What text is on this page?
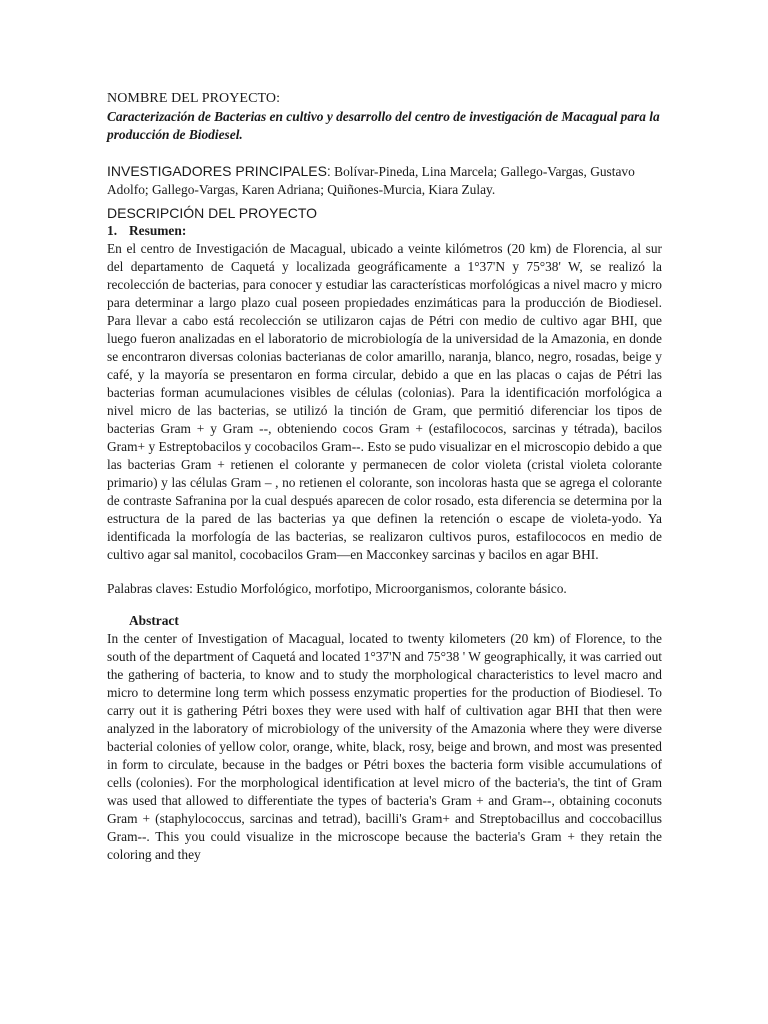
NOMBRE DEL PROYECTO:
Caracterización de Bacterias en cultivo y desarrollo del centro de investigación de Macagual para la producción de Biodiesel.
INVESTIGADORES PRINCIPALES: Bolívar-Pineda, Lina Marcela; Gallego-Vargas, Gustavo Adolfo; Gallego-Vargas, Karen Adriana; Quiñones-Murcia, Kiara Zulay.
DESCRIPCIÓN DEL PROYECTO
1. Resumen:
En el centro de Investigación de Macagual, ubicado a veinte kilómetros (20 km) de Florencia, al sur del departamento de Caquetá y localizada geográficamente a 1°37'N y 75°38' W, se realizó la recolección de bacterias, para conocer y estudiar las características morfológicas a nivel macro y micro para determinar a largo plazo cual poseen propiedades enzimáticas para la producción de Biodiesel. Para llevar a cabo está recolección se utilizaron cajas de Pétri con medio de cultivo agar BHI, que luego fueron analizadas en el laboratorio de microbiología de la universidad de la Amazonia, en donde se encontraron diversas colonias bacterianas de color amarillo, naranja, blanco, negro, rosadas, beige y café, y la mayoría se presentaron en forma circular, debido a que en las placas o cajas de Pétri las bacterias forman acumulaciones visibles de células (colonias). Para la identificación morfológica a nivel micro de las bacterias, se utilizó la tinción de Gram, que permitió diferenciar los tipos de bacterias Gram + y Gram --, obteniendo cocos Gram + (estafilococos, sarcinas y tétrada), bacilos Gram+ y Estreptobacilos y cocobacilos Gram--. Esto se pudo visualizar en el microscopio debido a que las bacterias Gram + retienen el colorante y permanecen de color violeta (cristal violeta colorante primario) y las células Gram – , no retienen el colorante, son incoloras hasta que se agrega el colorante de contraste Safranina por la cual después aparecen de color rosado, esta diferencia se determina por la estructura de la pared de las bacterias ya que definen la retención o escape de violeta-yodo. Ya identificada la morfología de las bacterias, se realizaron cultivos puros, estafilococos en medio de cultivo agar sal manitol, cocobacilos Gram—en Macconkey sarcinas y bacilos en agar BHI.
Palabras claves: Estudio Morfológico, morfotipo, Microorganismos, colorante básico.
Abstract
In the center of Investigation of Macagual, located to twenty kilometers (20 km) of Florence, to the south of the department of Caquetá and located 1°37'N and 75°38 ' W geographically, it was carried out the gathering of bacteria, to know and to study the morphological characteristics to level macro and micro to determine long term which possess enzymatic properties for the production of Biodiesel. To carry out it is gathering Pétri boxes they were used with half of cultivation agar BHI that then were analyzed in the laboratory of microbiology of the university of the Amazonia where they were diverse bacterial colonies of yellow color, orange, white, black, rosy, beige and brown, and most was presented in form to circulate, because in the badges or Pétri boxes the bacteria form visible accumulations of cells (colonies). For the morphological identification at level micro of the bacteria's, the tint of Gram was used that allowed to differentiate the types of bacteria's Gram + and Gram--, obtaining coconuts Gram + (staphylococcus, sarcinas and tetrad), bacilli's Gram+ and Streptobacillus and coccobacillus Gram--. This you could visualize in the microscope because the bacteria's Gram + they retain the coloring and they
